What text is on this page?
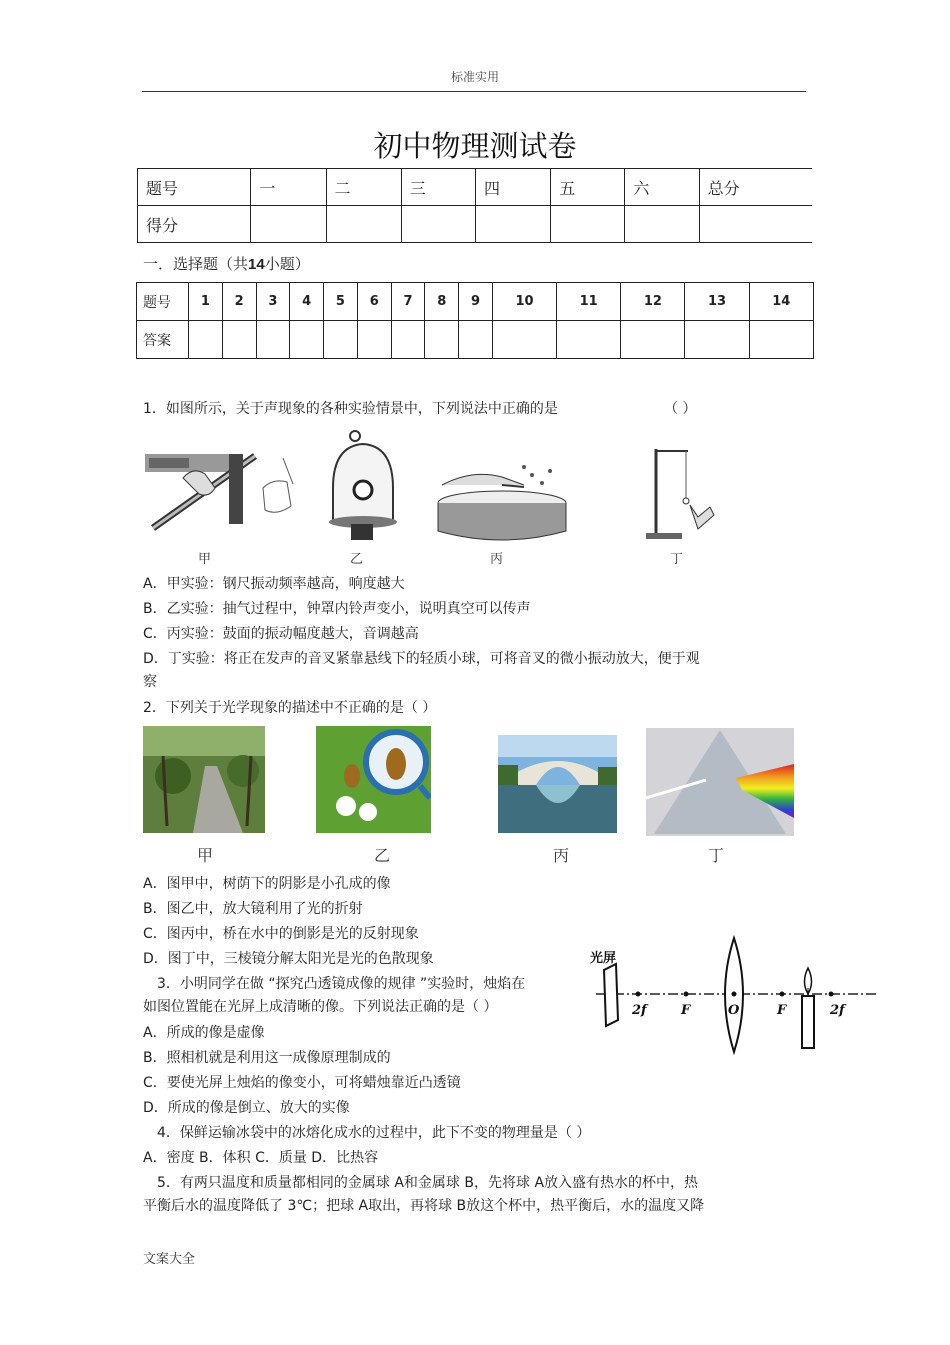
标准实用
初中物理测试卷
题号	一	二	三	四	五	六	总分
得分							
一．选择题（共14小题）
题号	1	2	3	4	5	6	7	8	9	10	11	12	13	14
答案														
1．如图所示，关于声现象的各种实验情景中，下列说法中正确的是	（ ）
甲	乙	丙	丁
A．甲实验：钢尺振动频率越高，响度越大
B．乙实验：抽气过程中，钟罩内铃声变小，说明真空可以传声
C．丙实验：鼓面的振动幅度越大，音调越高
D．丁实验：将正在发声的音叉紧靠悬线下的轻质小球，可将音叉的微小振动放大，便于观
察
2．下列关于光学现象的描述中不正确的是（ ）
甲	乙	丙	丁
A．图甲中，树荫下的阴影是小孔成的像
B．图乙中，放大镜利用了光的折射
C．图丙中，桥在水中的倒影是光的反射现象
D．图丁中，三棱镜分解太阳光是光的色散现象
3．小明同学在做 “探究凸透镜成像的规律 ”实验时，烛焰在
如图位置能在光屏上成清晰的像。下列说法正确的是（ ）
光屏
2f	F	O	F	2f
A．所成的像是虚像
B．照相机就是利用这一成像原理制成的
C．要使光屏上烛焰的像变小，可将蜡烛靠近凸透镜
D．所成的像是倒立、放大的实像
4．保鲜运输冰袋中的冰熔化成水的过程中，此下不变的物理量是（ ）
A．密度 B．体积 C．质量 D．比热容
5．有两只温度和质量都相同的金属球 A和金属球 B，先将球 A放入盛有热水的杯中，热
平衡后水的温度降低了 3℃；把球 A取出，再将球 B放这个杯中，热平衡后，水的温度又降
文案大全
